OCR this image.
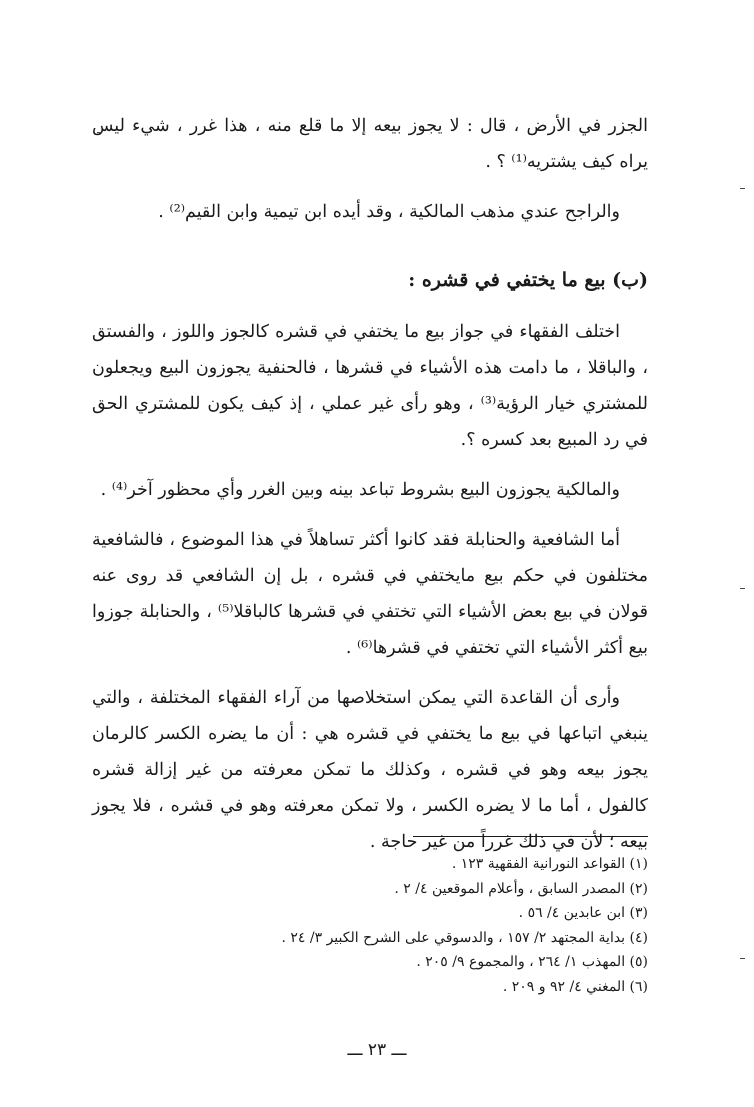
الجزر في الأرض ، قال : لا يجوز بيعه إلا ما قلع منه ، هذا غرر ، شيء ليس يراه كيف يشتريه⁽¹⁾ ؟ .

والراجح عندي مذهب المالكية ، وقد أيده ابن تيمية وابن القيم⁽²⁾ .

(ب) بيع ما يختفي في قشره :

اختلف الفقهاء في جواز بيع ما يختفي في قشره كالجوز واللوز ، والفستق ، والباقلا ، ما دامت هذه الأشياء في قشرها ، فالحنفية يجوزون البيع ويجعلون للمشتري خيار الرؤية⁽³⁾ ، وهو رأى غير عملي ، إذ كيف يكون للمشتري الحق في رد المبيع بعد كسره ؟.

والمالكية يجوزون البيع بشروط تباعد بينه وبين الغرر وأي محظور آخر⁽⁴⁾ .

أما الشافعية والحنابلة فقد كانوا أكثر تساهلاً في هذا الموضوع ، فالشافعية مختلفون في حكم بيع مايختفي في قشره ، بل إن الشافعي قد روى عنه قولان في بيع بعض الأشياء التي تختفي في قشرها كالباقلا⁽⁵⁾ ، والحنابلة جوزوا بيع أكثر الأشياء التي تختفي في قشرها⁽⁶⁾ .

وأرى أن القاعدة التي يمكن استخلاصها من آراء الفقهاء المختلفة ، والتي ينبغي اتباعها في بيع ما يختفي في قشره هي : أن ما يضره الكسر كالرمان يجوز بيعه وهو في قشره ، وكذلك ما تمكن معرفته من غير إزالة قشره كالفول ، أما ما لا يضره الكسر ، ولا تمكن معرفته وهو في قشره ، فلا يجوز بيعه ؛ لأن في ذلك غرراً من غير حاجة .

(١) القواعد النورانية الفقهية ١٢٣ .

(٢) المصدر السابق ، وأعلام الموقعين ٤/ ٢ .

(٣) ابن عابدين ٤/ ٥٦ .

(٤) بداية المجتهد ٢/ ١٥٧ ، والدسوقي على الشرح الكبير ٣/ ٢٤ .

(٥) المهذب ١/ ٢٦٤ ، والمجموع ٩/ ٢٠٥ .

(٦) المغني ٤/ ٩٢ و ٢٠٩ .

ـــ ٢٣ ـــ
